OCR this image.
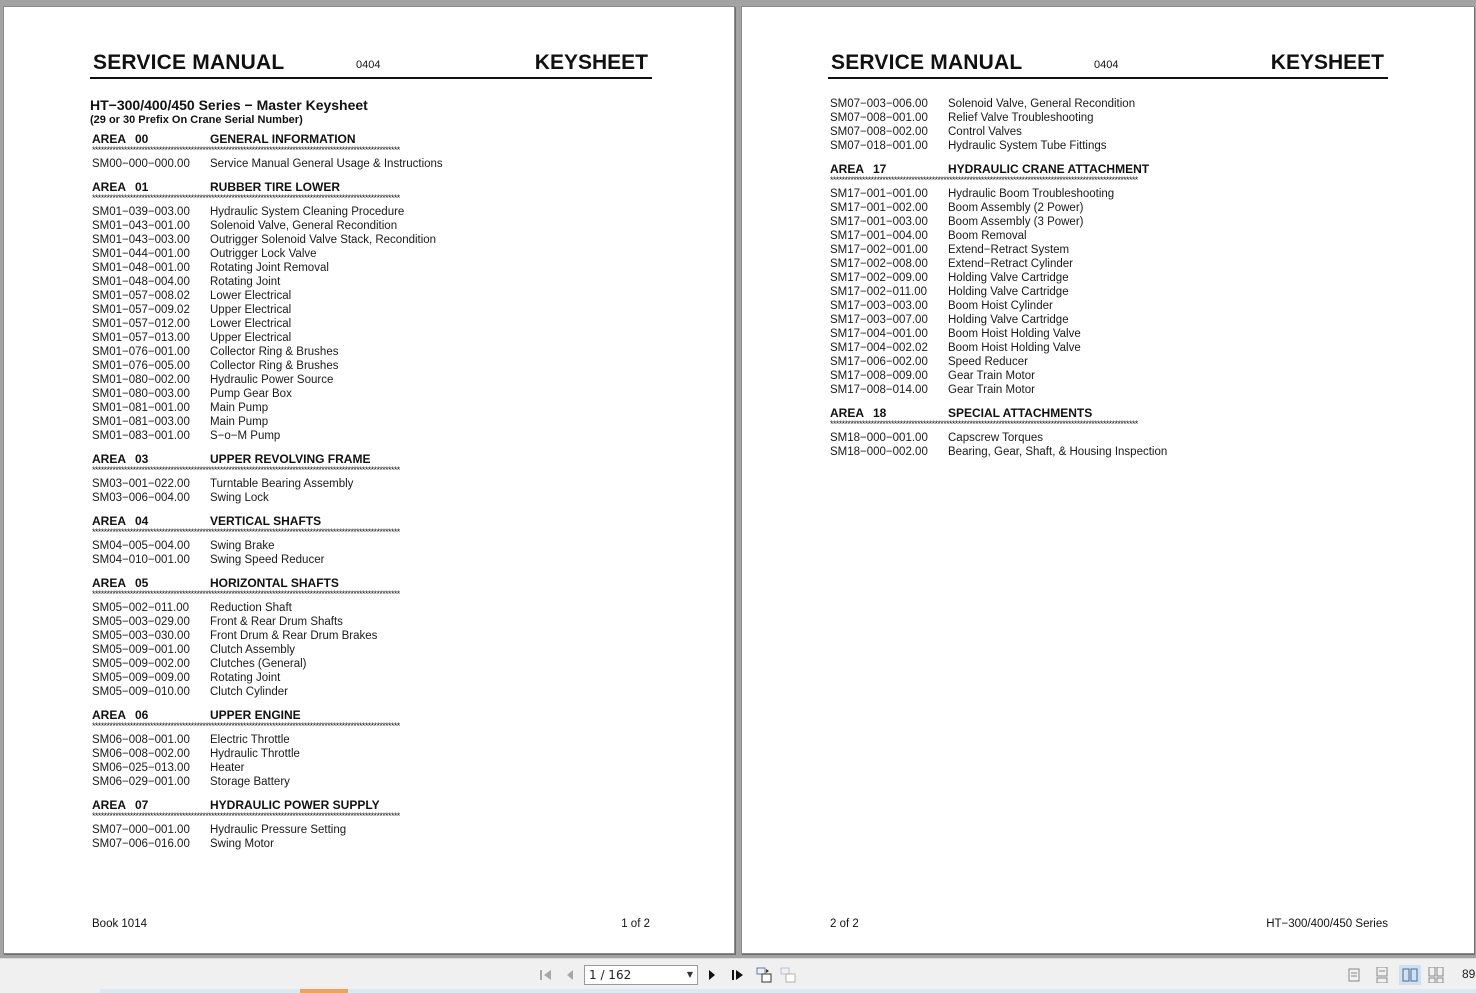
SERVICE MANUAL	0404	KEYSHEET
HT−300/400/450 Series − Master Keysheet
(29 or 30 Prefix On Crane Serial Number)
AREA 00	GENERAL INFORMATION
**********************************************************************************************************
SM00−000−000.00 Service Manual General Usage & Instructions
AREA 01	RUBBER TIRE LOWER
**********************************************************************************************************
SM01−039−003.00 Hydraulic System Cleaning Procedure
SM01−043−001.00 Solenoid Valve, General Recondition
SM01−043−003.00 Outrigger Solenoid Valve Stack, Recondition
SM01−044−001.00 Outrigger Lock Valve
SM01−048−001.00 Rotating Joint Removal
SM01−048−004.00 Rotating Joint
SM01−057−008.02 Lower Electrical
SM01−057−009.02 Upper Electrical
SM01−057−012.00 Lower Electrical
SM01−057−013.00 Upper Electrical
SM01−076−001.00 Collector Ring & Brushes
SM01−076−005.00 Collector Ring & Brushes
SM01−080−002.00 Hydraulic Power Source
SM01−080−003.00 Pump Gear Box
SM01−081−001.00 Main Pump
SM01−081−003.00 Main Pump
SM01−083−001.00 S−o−M Pump
AREA 03	UPPER REVOLVING FRAME
**********************************************************************************************************
SM03−001−022.00 Turntable Bearing Assembly
SM03−006−004.00 Swing Lock
AREA 04	VERTICAL SHAFTS
**********************************************************************************************************
SM04−005−004.00 Swing Brake
SM04−010−001.00 Swing Speed Reducer
AREA 05	HORIZONTAL SHAFTS
**********************************************************************************************************
SM05−002−011.00 Reduction Shaft
SM05−003−029.00 Front & Rear Drum Shafts
SM05−003−030.00 Front Drum & Rear Drum Brakes
SM05−009−001.00 Clutch Assembly
SM05−009−002.00 Clutches (General)
SM05−009−009.00 Rotating Joint
SM05−009−010.00 Clutch Cylinder
AREA 06	UPPER ENGINE
**********************************************************************************************************
SM06−008−001.00 Electric Throttle
SM06−008−002.00 Hydraulic Throttle
SM06−025−013.00 Heater
SM06−029−001.00 Storage Battery
AREA 07	HYDRAULIC POWER SUPPLY
**********************************************************************************************************
SM07−000−001.00 Hydraulic Pressure Setting
SM07−006−016.00 Swing Motor
Book 1014	1 of 2
SERVICE MANUAL	0404	KEYSHEET
SM07−003−006.00 Solenoid Valve, General Recondition
SM07−008−001.00 Relief Valve Troubleshooting
SM07−008−002.00 Control Valves
SM07−018−001.00 Hydraulic System Tube Fittings
AREA 17	HYDRAULIC CRANE ATTACHMENT
**********************************************************************************************************
SM17−001−001.00 Hydraulic Boom Troubleshooting
SM17−001−002.00 Boom Assembly (2 Power)
SM17−001−003.00 Boom Assembly (3 Power)
SM17−001−004.00 Boom Removal
SM17−002−001.00 Extend−Retract System
SM17−002−008.00 Extend−Retract Cylinder
SM17−002−009.00 Holding Valve Cartridge
SM17−002−011.00 Holding Valve Cartridge
SM17−003−003.00 Boom Hoist Cylinder
SM17−003−007.00 Holding Valve Cartridge
SM17−004−001.00 Boom Hoist Holding Valve
SM17−004−002.02 Boom Hoist Holding Valve
SM17−006−002.00 Speed Reducer
SM17−008−009.00 Gear Train Motor
SM17−008−014.00 Gear Train Motor
AREA 18	SPECIAL ATTACHMENTS
**********************************************************************************************************
SM18−000−001.00 Capscrew Torques
SM18−000−002.00 Bearing, Gear, Shaft, & Housing Inspection
2 of 2	HT−300/400/450 Series
1 / 162	▼	89
